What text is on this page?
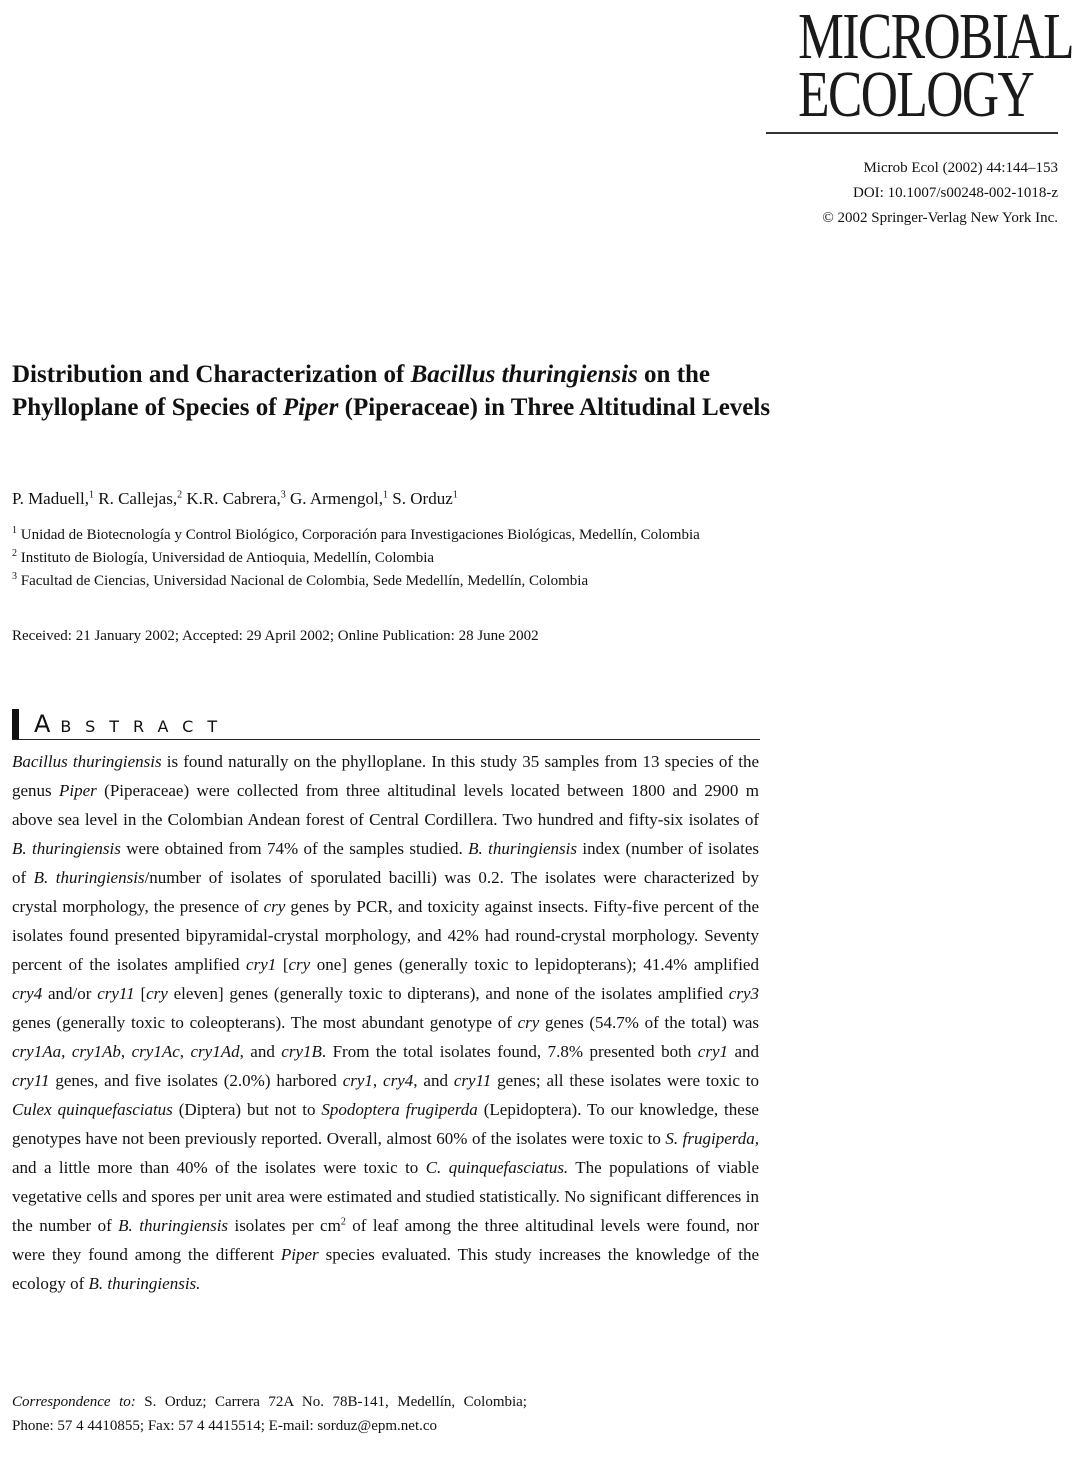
MICROBIAL
ECOLOGY
Microb Ecol (2002) 44:144–153
DOI: 10.1007/s00248-002-1018-z
© 2002 Springer-Verlag New York Inc.
Distribution and Characterization of Bacillus thuringiensis on the Phylloplane of Species of Piper (Piperaceae) in Three Altitudinal Levels
P. Maduell,$^1$ R. Callejas,$^2$ K.R. Cabrera,$^3$ G. Armengol,$^1$ S. Orduz$^1$
$^1$ Unidad de Biotecnología y Control Biológico, Corporación para Investigaciones Biológicas, Medellín, Colombia
$^2$ Instituto de Biología, Universidad de Antioquia, Medellín, Colombia
$^3$ Facultad de Ciencias, Universidad Nacional de Colombia, Sede Medellín, Medellín, Colombia
Received: 21 January 2002; Accepted: 29 April 2002; Online Publication: 28 June 2002
ABSTRACT

Bacillus thuringiensis is found naturally on the phylloplane. In this study 35 samples from 13 species of the genus Piper (Piperaceae) were collected from three altitudinal levels located between 1800 and 2900 m above sea level in the Colombian Andean forest of Central Cordillera. Two hundred and fifty-six isolates of B. thuringiensis were obtained from 74% of the samples studied. B. thuringiensis index (number of isolates of B. thuringiensis/number of isolates of sporulated bacilli) was 0.2. The isolates were characterized by crystal morphology, the presence of cry genes by PCR, and toxicity against insects. Fifty-five percent of the isolates found presented bipyramidal-crystal morphology, and 42% had round-crystal morphology. Seventy percent of the isolates amplified cry1 [cry one] genes (generally toxic to lepidopterans); 41.4% amplified cry4 and/or cry11 [cry eleven] genes (generally toxic to dipterans), and none of the isolates amplified cry3 genes (generally toxic to coleopterans). The most abundant genotype of cry genes (54.7% of the total) was cry1Aa, cry1Ab, cry1Ac, cry1Ad, and cry1B. From the total isolates found, 7.8% presented both cry1 and cry11 genes, and five isolates (2.0%) harbored cry1, cry4, and cry11 genes; all these isolates were toxic to Culex quinquefasciatus (Diptera) but not to Spodoptera frugiperda (Lepidoptera). To our knowledge, these genotypes have not been previously reported. Overall, almost 60% of the isolates were toxic to S. frugiperda, and a little more than 40% of the isolates were toxic to C. quinquefasciatus. The populations of viable vegetative cells and spores per unit area were estimated and studied statistically. No significant differences in the number of B. thuringiensis isolates per $cm^2$ of leaf among the three altitudinal levels were found, nor were they found among the different Piper species evaluated. This study increases the knowledge of the ecology of B. thuringiensis.

Correspondence to: S. Orduz; Carrera 72A No. 78B-141, Medellín, Colombia; Phone: 57 4 4410855; Fax: 57 4 4415514; E-mail: sorduz@epm.net.co
